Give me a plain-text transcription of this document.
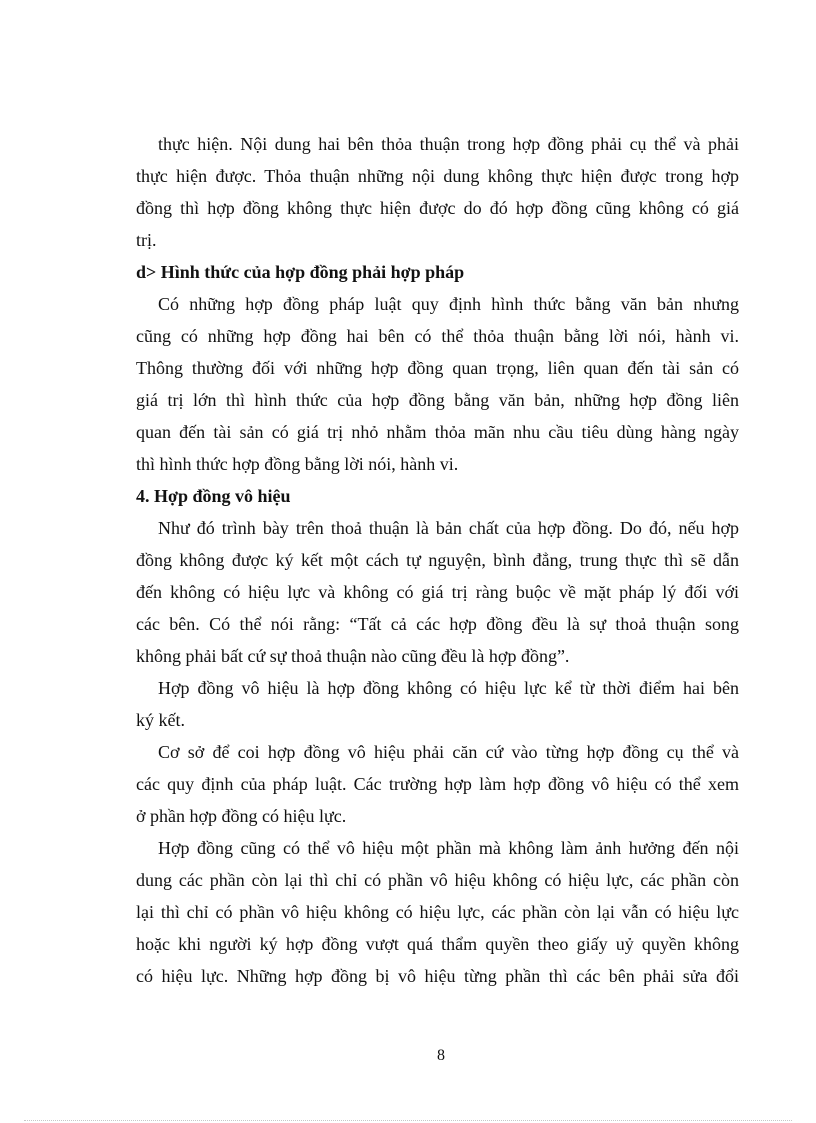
thực hiện. Nội dung hai bên thỏa thuận trong hợp đồng phải cụ thể và phải
thực hiện được. Thỏa thuận những nội dung không thực hiện được trong hợp
đồng thì hợp đồng không thực hiện được do đó hợp đồng cũng không có giá
trị.
d> Hình thức của hợp đồng phải hợp pháp
Có những hợp đồng pháp luật quy định hình thức bằng văn bản nhưng
cũng có những hợp đồng hai bên có thể thỏa thuận bằng lời nói, hành vi.
Thông thường đối với những hợp đồng quan trọng, liên quan đến tài sản có
giá trị lớn thì hình thức của hợp đồng bằng văn bản, những hợp đồng liên
quan đến tài sản có giá trị nhỏ nhằm thỏa mãn nhu cầu tiêu dùng hàng ngày
thì hình thức hợp đồng bằng lời nói, hành vi.
4. Hợp đồng vô hiệu
Như đó trình bày trên thoả thuận là bản chất của hợp đồng. Do đó, nếu hợp
đồng không được ký kết một cách tự nguyện, bình đẳng, trung thực thì sẽ dẫn
đến không có hiệu lực và không có giá trị ràng buộc về mặt pháp lý đối với
các bên. Có thể nói rằng: “Tất cả các hợp đồng đều là sự thoả thuận song
không phải bất cứ sự thoả thuận nào cũng đều là hợp đồng”.
Hợp đồng vô hiệu là hợp đồng không có hiệu lực kể từ thời điểm hai bên
ký kết.
Cơ sở để coi hợp đồng vô hiệu phải căn cứ vào từng hợp đồng cụ thể và
các quy định của pháp luật. Các trường hợp làm hợp đồng vô hiệu có thể xem
ở phần hợp đồng có hiệu lực.
Hợp đồng cũng có thể vô hiệu một phần mà không làm ảnh hưởng đến nội
dung các phần còn lại thì chỉ có phần vô hiệu không có hiệu lực, các phần còn
lại thì chỉ có phần vô hiệu không có hiệu lực, các phần còn lại vẫn có hiệu lực
hoặc khi người ký hợp đồng vượt quá thẩm quyền theo giấy uỷ quyền không
có hiệu lực. Những hợp đồng bị vô hiệu từng phần thì các bên phải sửa đổi
8
